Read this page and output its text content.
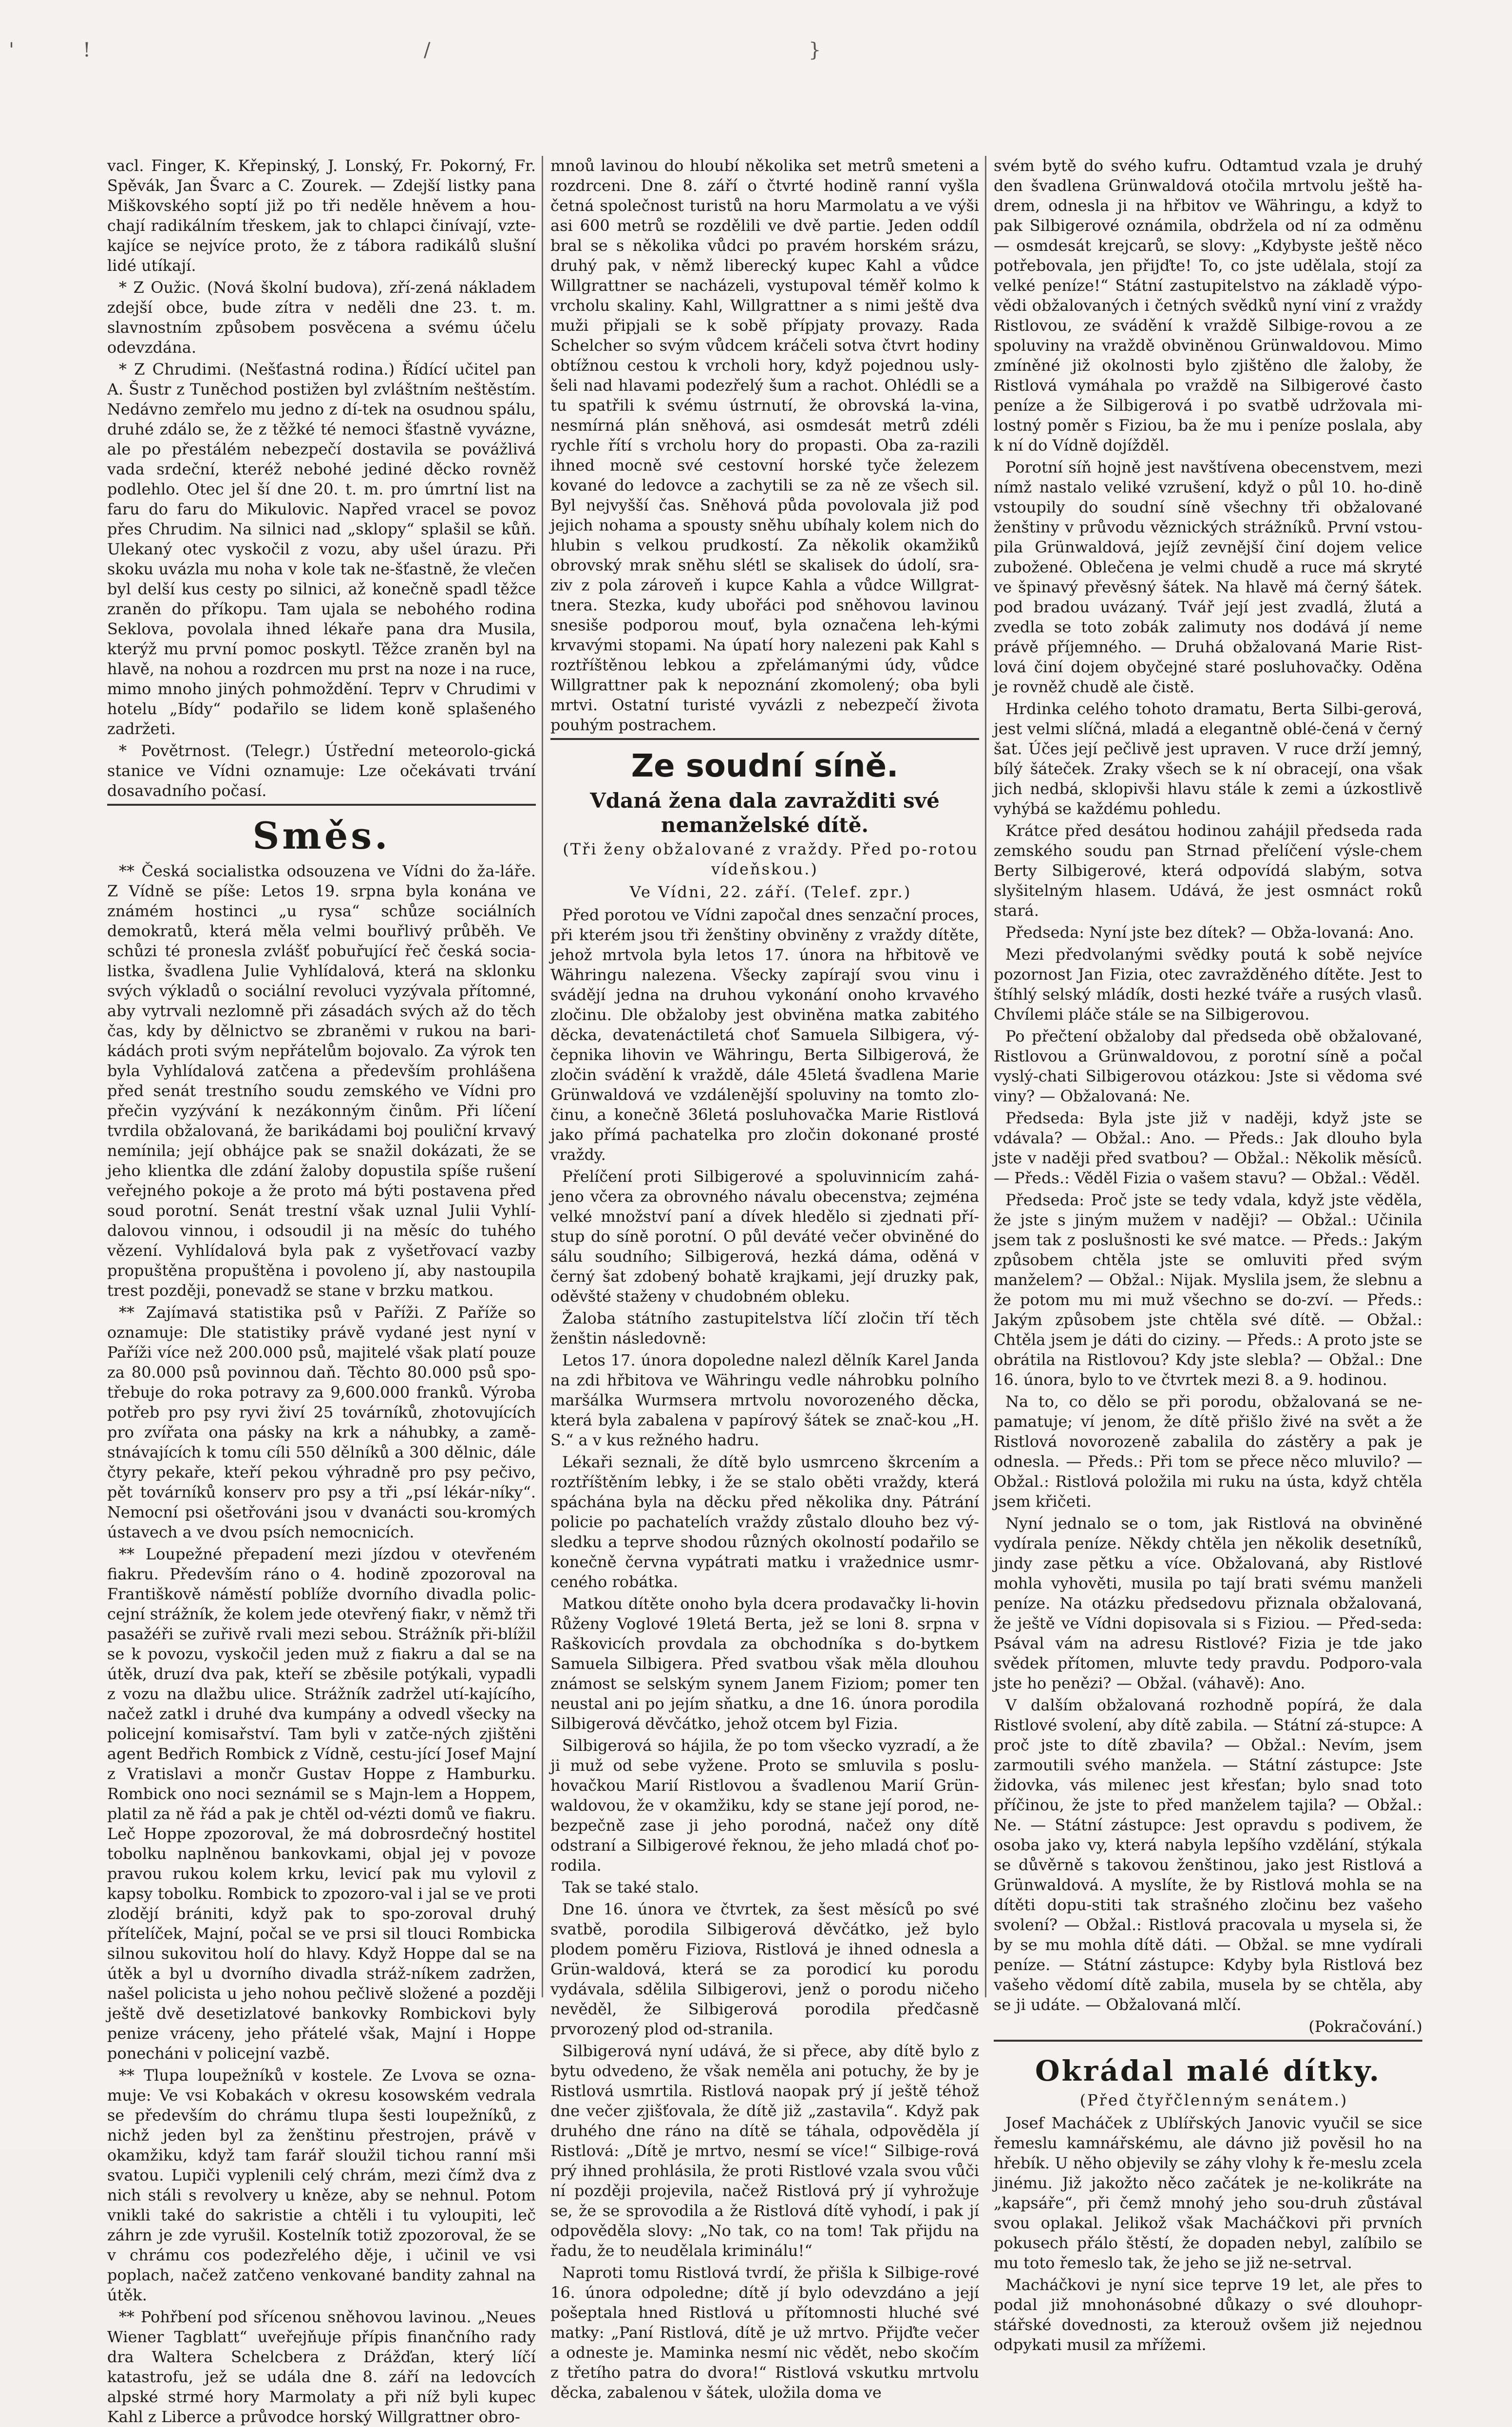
'	!	/	}

vacl. Finger, K. Křepinský, J. Lonský, Fr. Pokorný, Fr. Spěvák, Jan Švarc a C. Zourek. — Zdejší listky pana Miškovského soptí již po tři neděle hněvem a hou-chají radikálním třeskem, jak to chlapci činívají, vzte-kajíce se nejvíce proto, že z tábora radikálů slušní lidé utíkají.

* Z Oužic. (Nová školní budova), zří-zená nákladem zdejší obce, bude zítra v neděli dne 23. t. m. slavnostním způsobem posvěcena a svému účelu odevzdána.

* Z Chrudimi. (Nešťastná rodina.) Řídící učitel pan A. Šustr z Tuněchod postižen byl zvláštním neštěstím. Nedávno zemřelo mu jedno z dí-tek na osudnou spálu, druhé zdálo se, že z těžké té nemoci šťastně vyvázne, ale po přestálém nebezpečí dostavila se povážlivá vada srdeční, kteréž nebohé jediné děcko rovněž podlehlo. Otec jel ší dne 20. t. m. pro úmrtní list na faru do faru do Mikulovic. Napřed vracel se povoz přes Chrudim. Na silnici nad „sklopy“ splašil se kůň. Ulekaný otec vyskočil z vozu, aby ušel úrazu. Při skoku uvázla mu noha v kole tak ne-šťastně, že vlečen byl delší kus cesty po silnici, až konečně spadl těžce zraněn do příkopu. Tam ujala se nebohého rodina Seklova, povolala ihned lékaře pana dra Musila, kterýž mu první pomoc poskytl. Těžce zraněn byl na hlavě, na nohou a rozdrcen mu prst na noze i na ruce, mimo mnoho jiných pohmoždění. Teprv v Chrudimi v hotelu „Bídy“ podařilo se lidem koně splašeného zadržeti.

* Povětrnost. (Telegr.) Ústřední meteorolo-gická stanice ve Vídni oznamuje: Lze očekávati trvání dosavadního počasí.

Směs.

** Česká socialistka odsouzena ve Vídni do ža-láře. Z Vídně se píše: Letos 19. srpna byla konána ve známém hostinci „u rysa“ schůze sociálních demokratů, která měla velmi bouřlivý průběh. Ve schůzi té pronesla zvlášť pobuřující řeč česká socia-listka, švadlena Julie Vyhlídalová, která na sklonku svých výkladů o sociální revoluci vyzývala přítomné, aby vytrvali nezlomně při zásadách svých až do těch čas, kdy by dělnictvo se zbraněmi v rukou na bari-kádách proti svým nepřátelům bojovalo. Za výrok ten byla Vyhlídalová zatčena a především prohlášena před senát trestního soudu zemského ve Vídni pro přečin vyzývání k nezákonným činům. Při líčení tvrdila obžalovaná, že barikádami boj pouliční krvavý nemínila; její obhájce pak se snažil dokázati, že se jeho klientka dle zdání žaloby dopustila spíše rušení veřejného pokoje a že proto má býti postavena před soud porotní. Senát trestní však uznal Julii Vyhlí-dalovou vinnou, i odsoudil ji na měsíc do tuhého vězení. Vyhlídalová byla pak z vyšetřovací vazby propuštěna propuštěna i povoleno jí, aby nastoupila trest později, ponevadž se stane v brzku matkou.

** Zajímavá statistika psů v Paříži. Z Paříže so oznamuje: Dle statistiky právě vydané jest nyní v Paříži více než 200.000 psů, majitelé však platí pouze za 80.000 psů povinnou daň. Těchto 80.000 psů spo-třebuje do roka potravy za 9,600.000 franků. Výroba potřeb pro psy ryvi živí 25 továrníků, zhotovujících pro zvířata ona pásky na krk a náhubky, a zamě-stnávajících k tomu cíli 550 dělníků a 300 dělnic, dále čtyry pekaře, kteří pekou výhradně pro psy pečivo, pět továrníků konserv pro psy a tři „psí lékár-níky“. Nemocní psi ošetřováni jsou v dvanácti sou-kromých ústavech a ve dvou psích nemocnicích.

** Loupežné přepadení mezi jízdou v otevřeném fiakru. Především ráno o 4. hodině zpozoroval na Františkově náměstí poblíže dvorního divadla polic-cejní strážník, že kolem jede otevřený fiakr, v němž tři pasažéři se zuřivě rvali mezi sebou. Strážník při-blížil se k povozu, vyskočil jeden muž z fiakru a dal se na útěk, druzí dva pak, kteří se zběsile potýkali, vypadli z vozu na dlažbu ulice. Strážník zadržel utí-kajícího, načež zatkl i druhé dva kumpány a odvedl všecky na policejní komisařství. Tam byli v zatče-ných zjištěni agent Bedřich Rombick z Vídně, cestu-jící Josef Majní z Vratislavi a mončr Gustav Hoppe z Hamburku. Rombick ono noci seznámil se s Majn-lem a Hoppem, platil za ně řád a pak je chtěl od-vézti domů ve fiakru. Leč Hoppe zpozoroval, že má dobrosrdečný hostitel tobolku naplněnou bankovkami, objal jej v povoze pravou rukou kolem krku, levicí pak mu vylovil z kapsy tobolku. Rombick to zpozoro-val i jal se ve proti zlodějí brániti, když pak to spo-zoroval druhý přítelíček, Majní, počal se ve prsi sil tlouci Rombicka silnou sukovitou holí do hlavy. Když Hoppe dal se na útěk a byl u dvorního divadla stráž-níkem zadržen, našel policista u jeho nohou pečlivě složené a později ještě dvě desetizlatové bankovky Rombickovi byly penize vráceny, jeho přátelé však, Majní i Hoppe ponecháni v policejní vazbě.

** Tlupa loupežníků v kostele. Ze Lvova se ozna-muje: Ve vsi Kobakách v okresu kosowském vedrala se především do chrámu tlupa šesti loupežníků, z nichž jeden byl za ženštinu přestrojen, právě v okamžiku, když tam farář sloužil tichou ranní mši svatou. Lupiči vyplenili celý chrám, mezi čímž dva z nich stáli s revolvery u kněze, aby se nehnul. Potom vnikli také do sakristie a chtěli i tu vyloupiti, leč záhrn je zde vyrušil. Kostelník totiž zpozoroval, že se v chrámu cos podezřelého děje, i učinil ve vsi poplach, načež zatčeno venkované bandity zahnal na útěk.

** Pohřbení pod sřícenou sněhovou lavinou. „Neues Wiener Tagblatt“ uveřejňuje přípis finančního rady dra Waltera Schelcbera z Drážďan, který líčí katastrofu, jež se udála dne 8. září na ledovcích alpské strmé hory Marmolaty a při níž byli kupec Kahl z Liberce a průvodce horský Willgrattner obro-

mnoů lavinou do hloubí několika set metrů smeteni a rozdrceni. Dne 8. září o čtvrté hodině ranní vyšla četná společnost turistů na horu Marmolatu a ve výši asi 600 metrů se rozdělili ve dvě partie. Jeden oddíl bral se s několika vůdci po pravém horském srázu, druhý pak, v němž liberecký kupec Kahl a vůdce Willgrattner se nacházeli, vystupoval téměř kolmo k vrcholu skaliny. Kahl, Willgrattner a s nimi ještě dva muži připjali se k sobě přípjaty provazy. Rada Schelcher so svým vůdcem kráčeli sotva čtvrt hodiny obtížnou cestou k vrcholi hory, když pojednou usly-šeli nad hlavami podezřelý šum a rachot. Ohlédli se a tu spatřili k svému ústrnutí, že obrovská la-vina, nesmírná plán sněhová, asi osmdesát metrů zdéli rychle řítí s vrcholu hory do propasti. Oba za-razili ihned mocně své cestovní horské tyče železem kované do ledovce a zachytili se za ně ze všech sil. Byl nejvyšší čas. Sněhová půda povolovala již pod jejich nohama a spousty sněhu ubíhaly kolem nich do hlubin s velkou prudkostí. Za několik okamžiků obrovský mrak sněhu slétl se skalisek do údolí, sra-ziv z pola zároveň i kupce Kahla a vůdce Willgrat-tnera. Stezka, kudy ubořáci pod sněhovou lavinou snesiše podporou mouť, byla označena leh-kými krvavými stopami. Na úpatí hory nalezeni pak Kahl s roztříštěnou lebkou a zpřelámanými údy, vůdce Willgrattner pak k nepoznání zkomolený; oba byli mrtvi. Ostatní turisté vyvázli z nebezpečí života pouhým postrachem.

Ze soudní síně.
Vdaná žena dala zavražditi své nemanželské dítě.

(Tři ženy obžalované z vraždy. Před po-rotou vídeňskou.)

Ve Vídni, 22. září. (Telef. zpr.)

Před porotou ve Vídni započal dnes senzační proces, při kterém jsou tři ženštiny obviněny z vraždy dítěte, jehož mrtvola byla letos 17. února na hřbitově ve Währingu nalezena. Všecky zapírají svou vinu i svádějí jedna na druhou vykonání onoho krvavého zločinu. Dle obžaloby jest obviněna matka zabitého děcka, devatenáctiletá choť Samuela Silbigera, vý-čepnika lihovin ve Währingu, Berta Silbigerová, že zločin svádění k vraždě, dále 45letá švadlena Marie Grünwaldová ve vzdálenější spoluviny na tomto zlo-činu, a konečně 36letá posluhovačka Marie Ristlová jako přímá pachatelka pro zločin dokonané prosté vraždy.

Přelíčení proti Silbigerové a spoluvinnicím zahá-jeno včera za obrovného návalu obecenstva; zejména velké množství paní a dívek hledělo si zjednati pří-stup do síně porotní. O půl deváté večer obviněné do sálu soudního; Silbigerová, hezká dáma, oděná v černý šat zdobený bohatě krajkami, její druzky pak, oděvšté staženy v chudobném obleku.

Žaloba státního zastupitelstva líčí zločin tří těch ženštin následovně:

Letos 17. února dopoledne nalezl dělník Karel Janda na zdi hřbitova ve Währingu vedle náhrobku polního maršálka Wurmsera mrtvolu novorozeného děcka, která byla zabalena v papírový šátek se znač-kou „H. S.“ a v kus režného hadru.

Lékaři seznali, že dítě bylo usmrceno škrcením a roztříštěním lebky, i že se stalo oběti vraždy, která spáchána byla na děcku před několika dny. Pátrání policie po pachatelích vraždy zůstalo dlouho bez vý-sledku a teprve shodou různých okolností podařilo se konečně června vypátrati matku i vražednice usmr-ceného robátka.

Matkou dítěte onoho byla dcera prodavačky li-hovin Růženy Voglové 19letá Berta, jež se loni 8. srpna v Raškovicích provdala za obchodníka s do-bytkem Samuela Silbigera. Před svatbou však měla dlouhou známost se selským synem Janem Fiziom; pomer ten neustal ani po jejím sňatku, a dne 16. února porodila Silbigerová děvčátko, jehož otcem byl Fizia.

Silbigerová so hájila, že po tom všecko vyzradí, a že ji muž od sebe vyžene. Proto se smluvila s poslu-hovačkou Marií Ristlovou a švadlenou Marií Grün-waldovou, že v okamžiku, kdy se stane její porod, ne-bezpečně zase ji jeho porodná, načež ony dítě odstraní a Silbigerové řeknou, že jeho mladá choť po-rodila.

Tak se také stalo.

Dne 16. února ve čtvrtek, za šest měsíců po své svatbě, porodila Silbigerová děvčátko, jež bylo plodem poměru Fiziova, Ristlová je ihned odnesla a Grün-waldová, která se za porodicí ku porodu vydávala, sdělila Silbigerovi, jenž o porodu ničeho nevěděl, že Silbigerová porodila předčasně prvorozený plod od-stranila.

Silbigerová nyní udává, že si přece, aby dítě bylo z bytu odvedeno, že však neměla ani potuchy, že by je Ristlová usmrtila. Ristlová naopak prý jí ještě téhož dne večer zjišťovala, že dítě již „zastavila“. Když pak druhého dne ráno na dítě se táhala, odpověděla jí Ristlová: „Dítě je mrtvo, nesmí se více!“ Silbige-rová prý ihned prohlásila, že proti Ristlové vzala svou vůči ní později projevila, načež Ristlová prý jí vyhrožuje se, že se sprovodila a že Ristlová dítě vyhodí, i pak jí odpověděla slovy: „No tak, co na tom! Tak přijdu na řadu, že to neudělala kriminálu!“

Naproti tomu Ristlová tvrdí, že přišla k Silbige-rové 16. února odpoledne; dítě jí bylo odevzdáno a její pošeptala hned Ristlová u přítomnosti hluché své matky: „Paní Ristlová, dítě je už mrtvo. Přijďte večer a odneste je. Maminka nesmí nic vědět, nebo skočím z třetího patra do dvora!“ Ristlová vskutku mrtvolu děcka, zabalenou v šátek, uložila doma ve

svém bytě do svého kufru. Odtamtud vzala je druhý den švadlena Grünwaldová otočila mrtvolu ještě ha-drem, odnesla ji na hřbitov ve Währingu, a když to pak Silbigerové oznámila, obdržela od ní za odměnu — osmdesát krejcarů, se slovy: „Kdybyste ještě něco potřebovala, jen přijďte! To, co jste udělala, stojí za velké peníze!“ Státní zastupitelstvo na základě výpo-vědi obžalovaných i četných svědků nyní viní z vraždy Ristlovou, ze svádění k vraždě Silbige-rovou a ze spoluviny na vraždě obviněnou Grünwaldovou. Mimo zmíněné již okolnosti bylo zjištěno dle žaloby, že Ristlová vymáhala po vraždě na Silbigerové často peníze a že Silbigerová i po svatbě udržovala mi-lostný poměr s Fiziou, ba že mu i peníze poslala, aby k ní do Vídně dojížděl.

Porotní síň hojně jest navštívena obecenstvem, mezi nímž nastalo veliké vzrušení, když o půl 10. ho-dině vstoupily do soudní síně všechny tři obžalované ženštiny v průvodu věznických strážníků. První vstou-pila Grünwaldová, jejíž zevnější činí dojem velice zubožené. Oblečena je velmi chudě a ruce má skryté ve špinavý převěsný šátek. Na hlavě má černý šátek. pod bradou uvázaný. Tvář její jest zvadlá, žlutá a zvedla se toto zobák zalimuty nos dodává jí neme právě příjemného. — Druhá obžalovaná Marie Rist-lová činí dojem obyčejné staré posluhovačky. Oděna je rovněž chudě ale čistě.

Hrdinka celého tohoto dramatu, Berta Silbi-gerová, jest velmi slíčná, mladá a elegantně oblé-čená v černý šat. Účes její pečlivě jest upraven. V ruce drží jemný, bílý šáteček. Zraky všech se k ní obracejí, ona však jich nedbá, sklopivši hlavu stále k zemi a úzkostlivě vyhýbá se každému pohledu.

Krátce před desátou hodinou zahájil předseda rada zemského soudu pan Strnad přelíčení výsle-chem Berty Silbigerové, která odpovídá slabým, sotva slyšitelným hlasem. Udává, že jest osmnáct roků stará.

Předseda: Nyní jste bez dítek? — Obža-lovaná: Ano.

Mezi předvolanými svědky poutá k sobě nejvíce pozornost Jan Fizia, otec zavražděného dítěte. Jest to štíhlý selský mládík, dosti hezké tváře a rusých vlasů. Chvílemi pláče stále se na Silbigerovou.

Po přečtení obžaloby dal předseda obě obžalované, Ristlovou a Grünwaldovou, z porotní síně a počal vyslý-chati Silbigerovou otázkou: Jste si vědoma své viny? — Obžalovaná: Ne.

Předseda: Byla jste již v naději, když jste se vdávala? — Obžal.: Ano. — Předs.: Jak dlouho byla jste v naději před svatbou? — Obžal.: Několik měsíců. — Předs.: Věděl Fizia o vašem stavu? — Obžal.: Věděl.

Předseda: Proč jste se tedy vdala, když jste věděla, že jste s jiným mužem v naději? — Obžal.: Učinila jsem tak z poslušnosti ke své matce. — Předs.: Jakým způsobem chtěla jste se omluviti před svým manželem? — Obžal.: Nijak. Myslila jsem, že slebnu a že potom mu mi muž všechno se do-zví. — Předs.: Jakým způsobem jste chtěla své dítě. — Obžal.: Chtěla jsem je dáti do ciziny. — Předs.: A proto jste se obrátila na Ristlovou? Kdy jste slebla? — Obžal.: Dne 16. února, bylo to ve čtvrtek mezi 8. a 9. hodinou.

Na to, co dělo se při porodu, obžalovaná se ne-pamatuje; ví jenom, že dítě přišlo živé na svět a že Ristlová novorozeně zabalila do zástěry a pak je odnesla. — Předs.: Při tom se přece něco mluvilo? — Obžal.: Ristlová položila mi ruku na ústa, když chtěla jsem křičeti.

Nyní jednalo se o tom, jak Ristlová na obviněné vydírala peníze. Někdy chtěla jen několik desetníků, jindy zase pětku a více. Obžalovaná, aby Ristlové mohla vyhověti, musila po tají brati svému manželi peníze. Na otázku předsedovu přiznala obžalovaná, že ještě ve Vídni dopisovala si s Fiziou. — Před-seda: Psával vám na adresu Ristlové? Fizia je tde jako svědek přítomen, mluvte tedy pravdu. Podporo-vala jste ho penězi? — Obžal. (váhavě): Ano.

V dalším obžalovaná rozhodně popírá, že dala Ristlové svolení, aby dítě zabila. — Státní zá-stupce: A proč jste to dítě zbavila? — Obžal.: Nevím, jsem zarmoutili svého manžela. — Státní zástupce: Jste židovka, vás milenec jest křesťan; bylo snad toto příčinou, že jste to před manželem tajila? — Obžal.: Ne. — Státní zástupce: Jest opravdu s podivem, že osoba jako vy, která nabyla lepšího vzdělání, stýkala se důvěrně s takovou ženštinou, jako jest Ristlová a Grünwaldová. A myslíte, že by Ristlová mohla se na dítěti dopu-stiti tak strašného zločinu bez vašeho svolení? — Obžal.: Ristlová pracovala u mysela si, že by se mu mohla dítě dáti. — Obžal. se mne vydírali peníze. — Státní zástupce: Kdyby byla Ristlová bez vašeho vědomí dítě zabila, musela by se chtěla, aby se ji udáte. — Obžalovaná mlčí.

(Pokračování.)

Okrádal malé dítky.

(Před čtyřčlenným senátem.)

Josef Macháček z Ublířských Janovic vyučil se sice řemeslu kamnářskému, ale dávno již pověsil ho na hřebík. U něho objevily se záhy vlohy k ře-meslu zcela jinému. Již jakožto něco začátek je ne-kolikráte na „kapsáře“, při čemž mnohý jeho sou-druh zůstával svou oplakal. Jelikož však Macháčkovi při prvních pokusech přálo štěstí, že dopaden nebyl, zalíbilo se mu toto řemeslo tak, že jeho se již ne-setrval.

Macháčkovi je nyní sice teprve 19 let, ale přes to podal již mnohonásobné důkazy o své dlouhopr-stářské dovednosti, za kterouž ovšem již nejednou odpykati musil za mřížemi.
